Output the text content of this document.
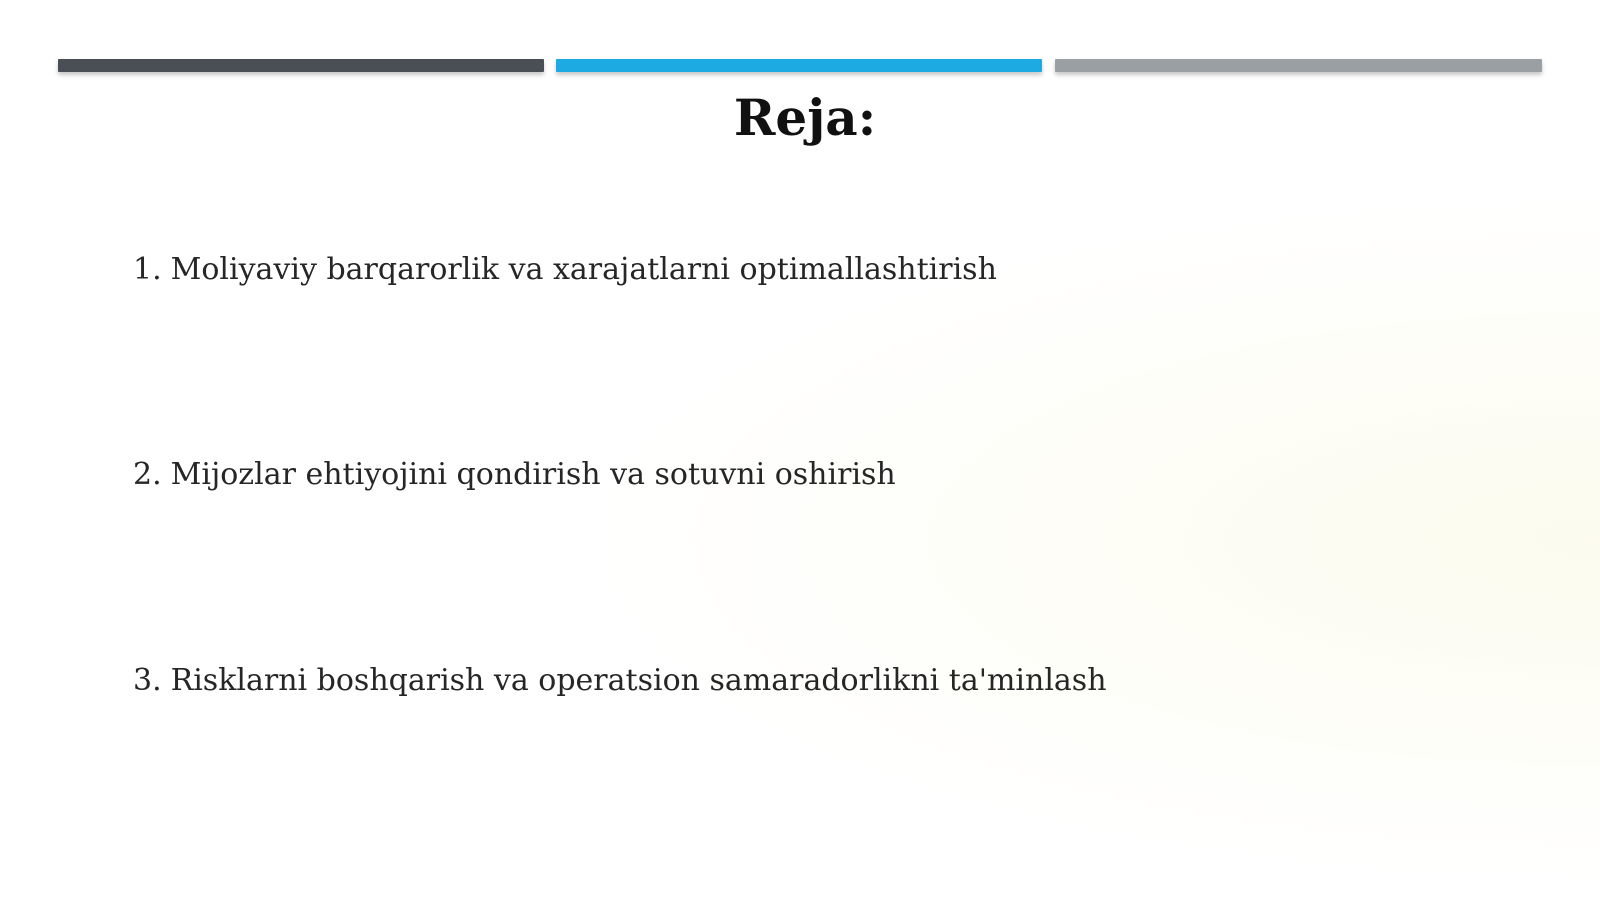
Reja:
1. Moliyaviy barqarorlik va xarajatlarni optimallashtirish
2. Mijozlar ehtiyojini qondirish va sotuvni oshirish
3. Risklarni boshqarish va operatsion samaradorlikni ta'minlash
